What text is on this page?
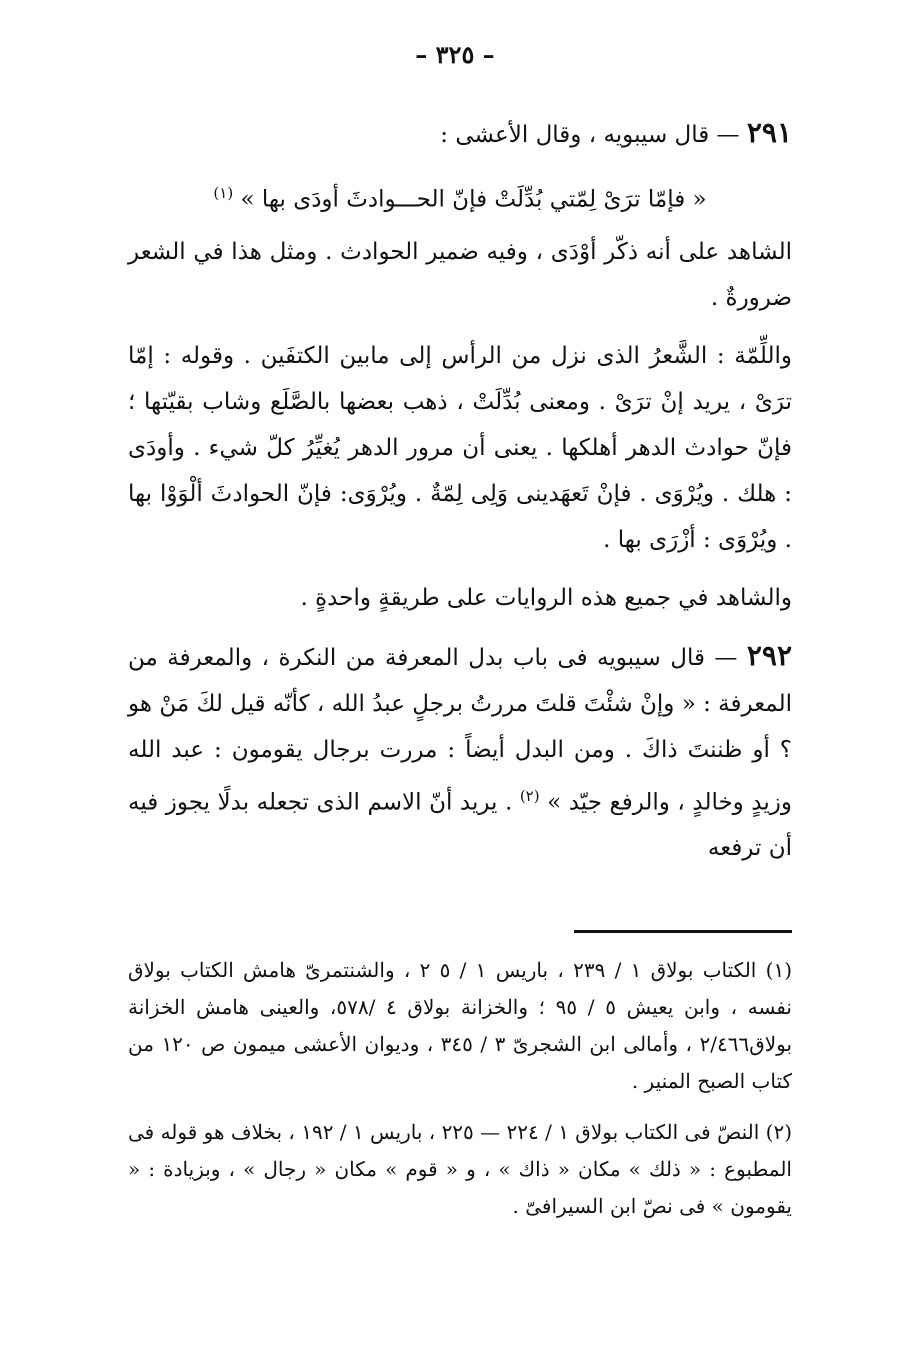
– ٣٢٥ –

٢٩١ — قال سيبويه ، وقال الأعشى :

« فإمّا ترَىْ لِمّتي بُدِّلَتْ فإنّ الحـــوادثَ أودَى بها » $^{(١)}$

الشاهد على أنه ذكّر أوْدَى ، وفيه ضمير الحوادث . ومثل هذا في الشعر ضرورةٌ .

واللِّمّة : الشَّعرُ الذى نزل من الرأس إلى مابين الكتفَين . وقوله : إمّا ترَىْ ، يريد إنْ ترَىْ . ومعنى بُدِّلَتْ ، ذهب بعضها بالصَّلَع وشاب بقيّتها ؛ فإنّ حوادث الدهر أهلكها . يعنى أن مرور الدهر يُغيِّرُ كلّ شيء . وأودَى : هلك . ويُرْوَى . فإنْ تَعهَدينى وَلِى لِمّةٌ . ويُرْوَى: فإنّ الحوادثَ ألْوَوْا بها . ويُرْوَى : أزْرَى بها .

والشاهد في جميع هذه الروايات على طريقةٍ واحدةٍ .

٢٩٢ — قال سيبويه فى باب بدل المعرفة من النكرة ، والمعرفة من المعرفة : « وإنْ شئْتَ قلتَ مررتُ برجلٍ عبدُ الله ، كأنّه قيل لكَ مَنْ هو ؟ أو ظننتَ ذاكَ . ومن البدل أيضاً : مررت برجال يقومون : عبد الله وزيدٍ وخالدٍ ، والرفع جيّد » $^{(٢)}$ . يريد أنّ الاسم الذى تجعله بدلًا يجوز فيه أن ترفعه

(١) الكتاب بولاق ١ / ٢٣٩ ، باريس ١ / ٥ ٢ ، والشنتمرىّ هامش الكتاب بولاق نفسه ، وابن يعيش ٥ / ٩٥ ؛ والخزانة بولاق ٤ /٥٧٨، والعينى هامش الخزانة بولاق٢/٤٦٦ ، وأمالى ابن الشجرىّ ٣ / ٣٤٥ ، وديوان الأعشى ميمون ص ١٢٠ من كتاب الصبح المنير .

(٢) النصّ فى الكتاب بولاق ١ / ٢٢٤ — ٢٢٥ ، باريس ١ / ١٩٢ ، بخلاف هو قوله فى المطبوع : « ذلك » مكان « ذاك » ، و « قوم » مكان « رجال » ، وبزيادة : « يقومون » فى نصّ ابن السيرافىّ .
